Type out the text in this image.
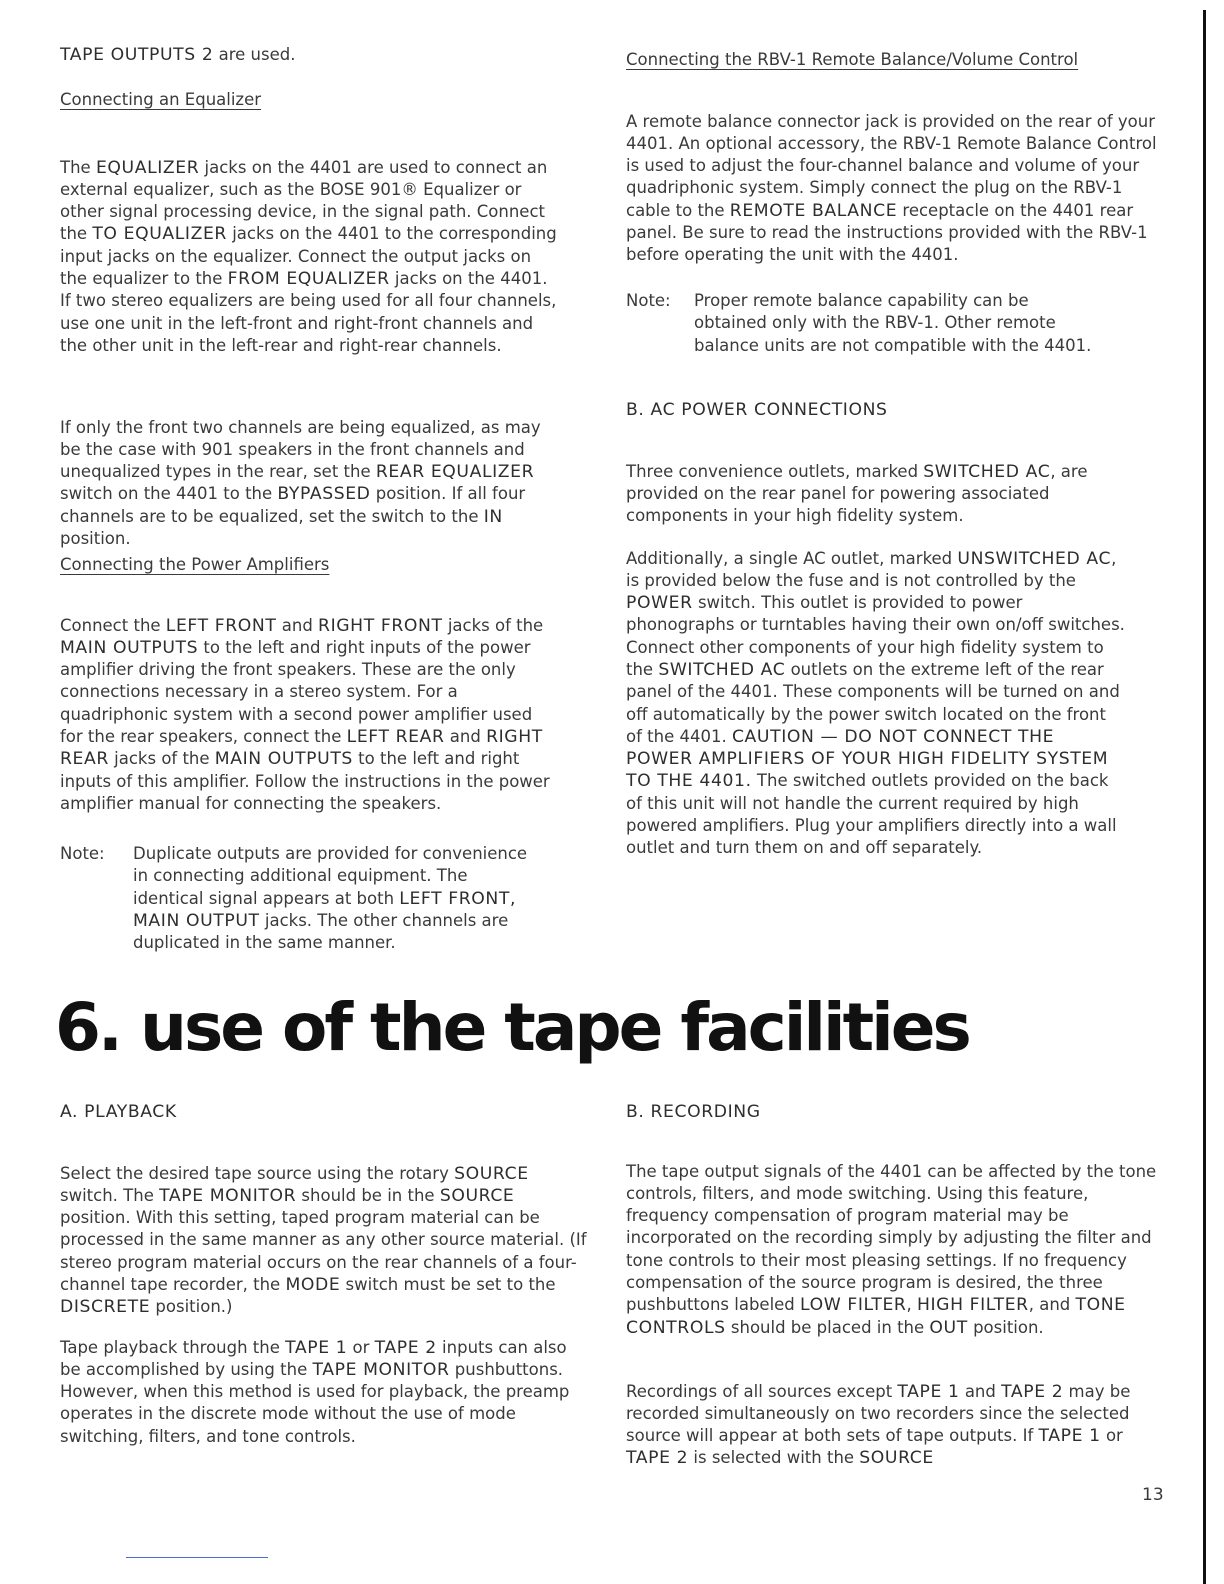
TAPE OUTPUTS 2 are used.
Connecting an Equalizer

The EQUALIZER jacks on the 4401 are used to connect an external equalizer, such as the BOSE 901® Equalizer or other signal processing device, in the signal path. Connect the TO EQUALIZER jacks on the 4401 to the corresponding input jacks on the equalizer. Connect the output jacks on the equalizer to the FROM EQUALIZER jacks on the 4401. If two stereo equalizers are being used for all four channels, use one unit in the left-front and right-front channels and the other unit in the left-rear and right-rear channels.

If only the front two channels are being equalized, as may be the case with 901 speakers in the front channels and unequalized types in the rear, set the REAR EQUALIZER switch on the 4401 to the BYPASSED position. If all four channels are to be equalized, set the switch to the IN position.

Connecting the Power Amplifiers

Connect the LEFT FRONT and RIGHT FRONT jacks of the MAIN OUTPUTS to the left and right inputs of the power amplifier driving the front speakers. These are the only connections necessary in a stereo system. For a quadriphonic system with a second power amplifier used for the rear speakers, connect the LEFT REAR and RIGHT REAR jacks of the MAIN OUTPUTS to the left and right inputs of this amplifier. Follow the instructions in the power amplifier manual for connecting the speakers.

Note: Duplicate outputs are provided for convenience in connecting additional equipment. The identical signal appears at both LEFT FRONT, MAIN OUTPUT jacks. The other channels are duplicated in the same manner.

Connecting the RBV-1 Remote Balance/Volume Control

A remote balance connector jack is provided on the rear of your 4401. An optional accessory, the RBV-1 Remote Balance Control is used to adjust the four-channel balance and volume of your quadriphonic system. Simply connect the plug on the RBV-1 cable to the REMOTE BALANCE receptacle on the 4401 rear panel. Be sure to read the instructions provided with the RBV-1 before operating the unit with the 4401.

Note: Proper remote balance capability can be obtained only with the RBV-1. Other remote balance units are not compatible with the 4401.

B. AC POWER CONNECTIONS

Three convenience outlets, marked SWITCHED AC, are provided on the rear panel for powering associated components in your high fidelity system.

Additionally, a single AC outlet, marked UNSWITCHED AC, is provided below the fuse and is not controlled by the POWER switch. This outlet is provided to power phonographs or turntables having their own on/off switches. Connect other components of your high fidelity system to the SWITCHED AC outlets on the extreme left of the rear panel of the 4401. These components will be turned on and off automatically by the power switch located on the front of the 4401. CAUTION — DO NOT CONNECT THE POWER AMPLIFIERS OF YOUR HIGH FIDELITY SYSTEM TO THE 4401. The switched outlets provided on the back of this unit will not handle the current required by high powered amplifiers. Plug your amplifiers directly into a wall outlet and turn them on and off separately.

6. use of the tape facilities
A. PLAYBACK

Select the desired tape source using the rotary SOURCE switch. The TAPE MONITOR should be in the SOURCE position. With this setting, taped program material can be processed in the same manner as any other source material. (If stereo program material occurs on the rear channels of a four-channel tape recorder, the MODE switch must be set to the DISCRETE position.)

Tape playback through the TAPE 1 or TAPE 2 inputs can also be accomplished by using the TAPE MONITOR pushbuttons. However, when this method is used for playback, the preamp operates in the discrete mode without the use of mode switching, filters, and tone controls.

B. RECORDING

The tape output signals of the 4401 can be affected by the tone controls, filters, and mode switching. Using this feature, frequency compensation of program material may be incorporated on the recording simply by adjusting the filter and tone controls to their most pleasing settings. If no frequency compensation of the source program is desired, the three pushbuttons labeled LOW FILTER, HIGH FILTER, and TONE CONTROLS should be placed in the OUT position.

Recordings of all sources except TAPE 1 and TAPE 2 may be recorded simultaneously on two recorders since the selected source will appear at both sets of tape outputs. If TAPE 1 or TAPE 2 is selected with the SOURCE

13
